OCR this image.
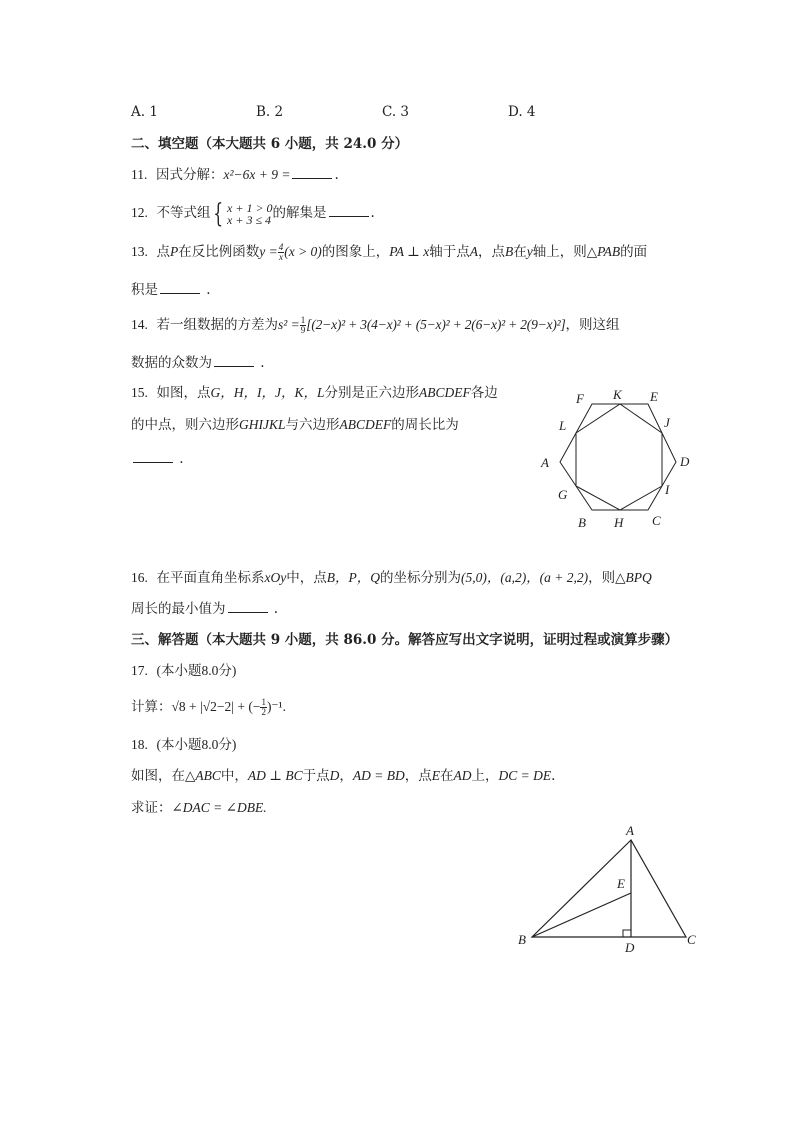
A. 1	B. 2	C. 3	D. 4
二、填空题（本大题共 6 小题，共 24.0 分）
11. 因式分解：x²−6x + 9 =	.
12. 不等式组 { x + 1 > 0
x + 3 ≤ 4 的解集是	.
13. 点P在反比例函数$y = \frac{4}{x} (x > 0)$的图象上，PA ⊥ x轴于点A，点B在y轴上，则△PAB的面
积是	.
14. 若一组数据的方差为$s^2 = \frac{1}{9} [(2-x)^2 + 3(4-x)^2 + (5-x)^2 + 2(6-x)^2 + 2(9-x)^2]$，则这组
数据的众数为	.
15. 如图，点G，H，I，J，K，L分别是正六边形ABCDEF各边
的中点，则六边形GHIJKL与六边形ABCDEF的周长比为
.	A
B	C
D
E
F
G
H
I
J
K
L
16. 在平面直角坐标系xOy中，点B，P，Q的坐标分别为(5,0)，(a,2)，(a + 2,2)，则△BPQ
周长的最小值为	.
三、解答题（本大题共 9 小题，共 86.0 分。解答应写出文字说明，证明过程或演算步骤）
17. (本小题8.0分)
计算：√8 + |√2−2| + (− $\frac{1}{2} )^{-1}$.
18. (本小题8.0分)
如图，在△ABC中，AD ⊥ BC于点D，AD = BD，点E在AD上，DC = DE.
求证：∠DAC = ∠DBE.
A
B	C
D
E
